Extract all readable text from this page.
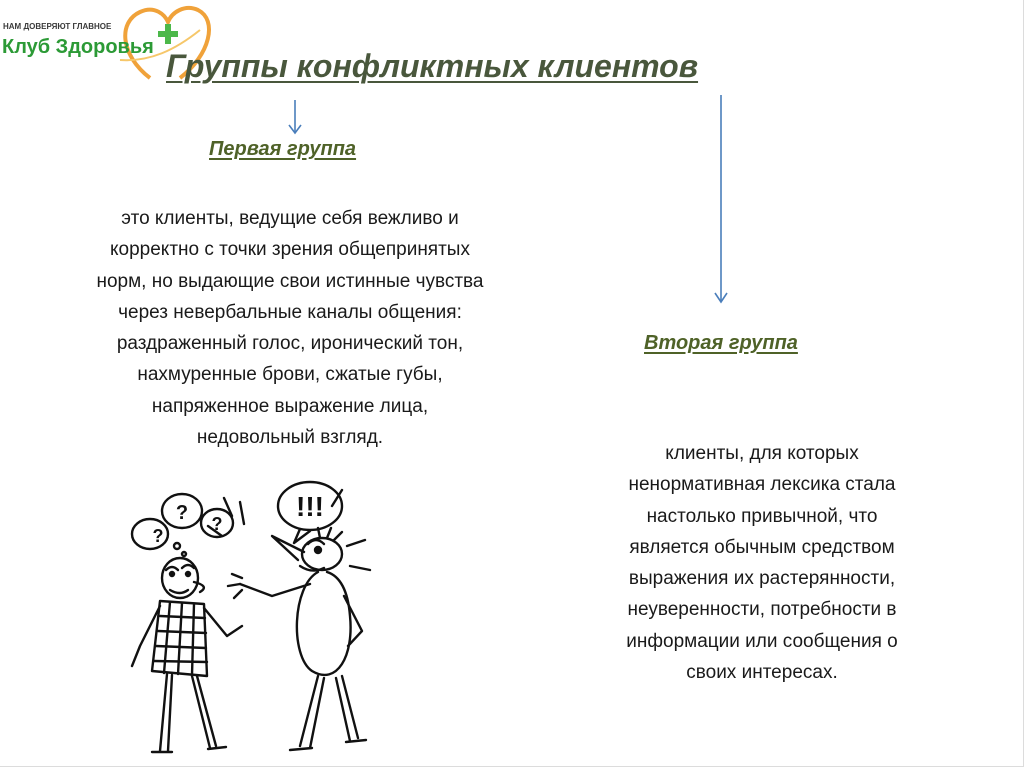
НАМ ДОВЕРЯЮТ ГЛАВНОЕ
Клуб Здоровья
Группы конфликтных клиентов
Первая группа
Вторая группа
это клиенты, ведущие себя вежливо и
корректно с точки зрения общепринятых
норм, но выдающие свои истинные чувства
через невербальные каналы общения:
раздраженный голос, иронический тон,
нахмуренные брови, сжатые губы,
напряженное выражение лица,
недовольный взгляд.
клиенты, для которых
ненормативная лексика стала
настолько привычной, что
является обычным средством
выражения их растерянности,
неуверенности, потребности в
информации или сообщения о
своих интересах.
?
? ?
!!!
? ? ?
